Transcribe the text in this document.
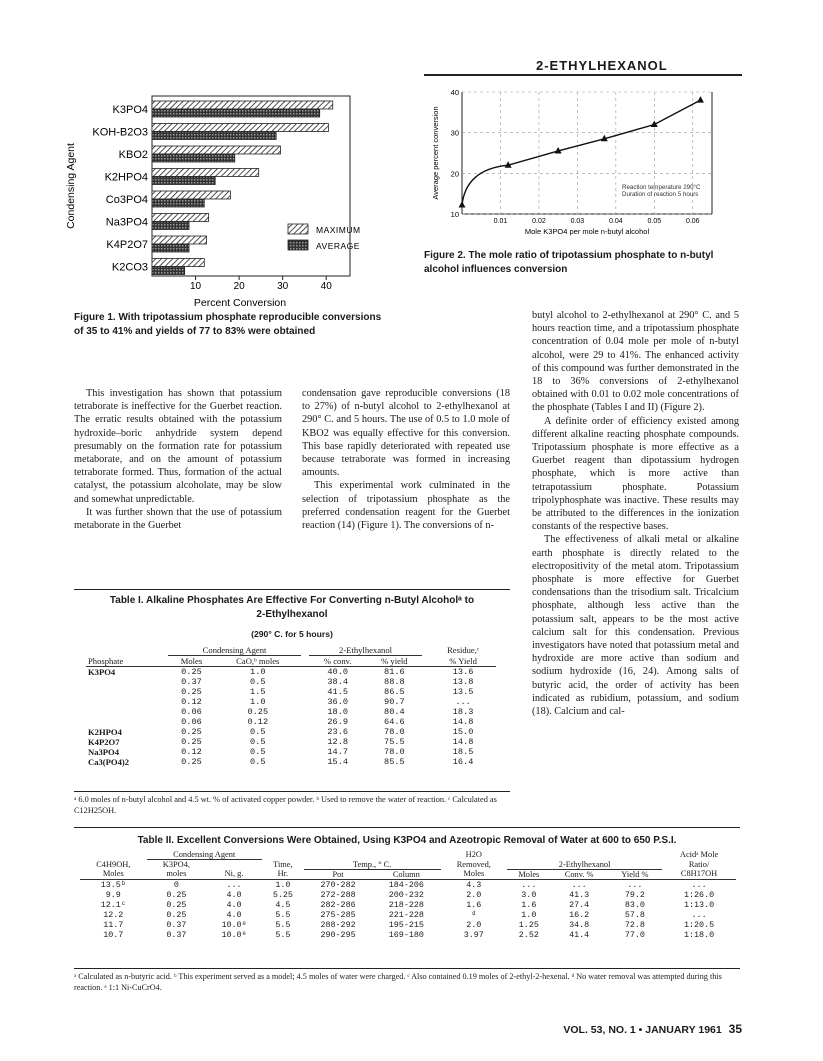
2-ETHYLHEXANOL
K3PO4
KOH-B2O3
KBO2
K2HPO4
Co3PO4
Na3PO4
K4P2O7
K2CO3
10	20	30	40
Percent Conversion
Condensing Agent
MAXIMUM
AVERAGE
Figure 1. With tripotassium phosphate reproducible conversions of 35 to 41% and yields of 77 to 83% were obtained
10
20
30
40
0.01	0.02	0.03	0.04	0.05	0.06
Mole K3PO4 per mole n-butyl alcohol
Average percent conversion	Reaction temperature 290°C
Duration of reaction 5 hours
Figure 2. The mole ratio of tripotassium phosphate to n-butyl alcohol influences conversion

This investigation has shown that potassium tetraborate is ineffective for the Guerbet reaction. The erratic results obtained with the potassium hydroxide–boric anhydride system depend presumably on the formation rate for potassium metaborate, and on the amount of potassium tetraborate formed. Thus, formation of the actual catalyst, the potassium alcoholate, may be slow and somewhat unpredictable.

It was further shown that the use of potassium metaborate in the Guerbet

condensation gave reproducible conversions (18 to 27%) of n-butyl alcohol to 2-ethylhexanol at 290° C. and 5 hours. The use of 0.5 to 1.0 mole of KBO2 was equally effective for this conversion. This base rapidly deteriorated with repeated use because tetraborate was formed in increasing amounts.

This experimental work culminated in the selection of tripotassium phosphate as the preferred condensation reagent for the Guerbet reaction (14) (Figure 1). The conversions of n-

butyl alcohol to 2-ethylhexanol at 290° C. and 5 hours reaction time, and a tripotassium phosphate concentration of 0.04 mole per mole of n-butyl alcohol, were 29 to 41%. The enhanced activity of this compound was further demonstrated in the 18 to 36% conversions of 2-ethylhexanol obtained with 0.01 to 0.02 mole concentrations of the phosphate (Tables I and II) (Figure 2).

A definite order of efficiency existed among different alkaline reacting phosphate compounds. Tripotassium phosphate is more effective as a Guerbet reagent than dipotassium hydrogen phosphate, which is more active than tetrapotassium phosphate. Potassium tripolyphosphate was inactive. These results may be attributed to the differences in the ionization constants of the respective bases.

The effectiveness of alkali metal or alkaline earth phosphate is directly related to the electropositivity of the metal atom. Tripotassium phosphate is more effective for Guerbet condensations than the trisodium salt. Tricalcium phosphate, although less active than the potassium salt, appears to be the most active calcium salt for this condensation. Previous investigators have noted that potassium metal and hydroxide are more active than sodium and sodium hydroxide (16, 24). Among salts of butyric acid, the order of activity has been indicated as rubidium, potassium, and sodium (18). Calcium and cal-

Table I. Alkaline Phosphates Are Effective For Converting n-Butyl Alcoholᵃ to
2-Ethylhexanol
(290° C. for 5 hours)
	Condensing Agent			2-Ethylhexanol			Residue,ᶜ
Phosphate	Moles	CaO,ᵇ moles		% conv.	% yield		% Yield
K3PO4	0.25	1.0		40.0	81.6		13.6
	0.37	0.5		38.4	88.8		13.8
	0.25	1.5		41.5	86.5		13.5
	0.12	1.0		36.0	90.7		...
	0.06	0.25		18.0	80.4		18.3
	0.06	0.12		26.9	64.6		14.8
K2HPO4	0.25	0.5		23.6	78.0		15.0
K4P2O7	0.25	0.5		12.8	75.5		14.8
Na3PO4	0.12	0.5		14.7	78.0		18.5
Ca3(PO4)2	0.25	0.5		15.4	85.5		16.4
ᵃ 6.0 moles of n-butyl alcohol and 4.5 wt. % of activated copper powder. ᵇ Used to remove the water of reaction. ᶜ Calculated as C12H25OH.
Table II. Excellent Conversions Were Obtained, Using K3PO4 and Azeotropic Removal of Water at 600 to 650 P.S.I.
	Condensing Agent					H2O				Acidᵃ Mole
C4H9OH,	K3PO4,		Time,	Temp., ° C.		Removed,	2-Ethylhexanol			Ratio/
Moles	moles	Ni, g.	Hr.	Pot	Column	Moles	Moles	Conv. %	Yield %	C8H17OH
13.5ᵇ	0	...	1.0	270-282	184-206	4.3	...	...	...	...
9.9	0.25	4.0	5.25	272-288	200-232	2.0	3.0	41.3	79.2	1:26.0
12.1ᶜ	0.25	4.0	4.5	282-286	218-228	1.6	1.6	27.4	83.0	1:13.0
12.2	0.25	4.0	5.5	275-285	221-228	ᵈ	1.0	16.2	57.8	...
11.7	0.37	10.0ᵉ	5.5	288-292	195-215	2.0	1.25	34.8	72.8	1:20.5
10.7	0.37	10.0ᵉ	5.5	290-295	169-180	3.97	2.52	41.4	77.0	1:18.0
ᵃ Calculated as n-butyric acid. ᵇ This experiment served as a model; 4.5 moles of water were charged. ᶜ Also contained 0.19 moles of 2-ethyl-2-hexenal. ᵈ No water removal was attempted during this reaction. ᵉ 1:1 Ni-CuCrO4.
VOL. 53, NO. 1 • JANUARY 1961 35
